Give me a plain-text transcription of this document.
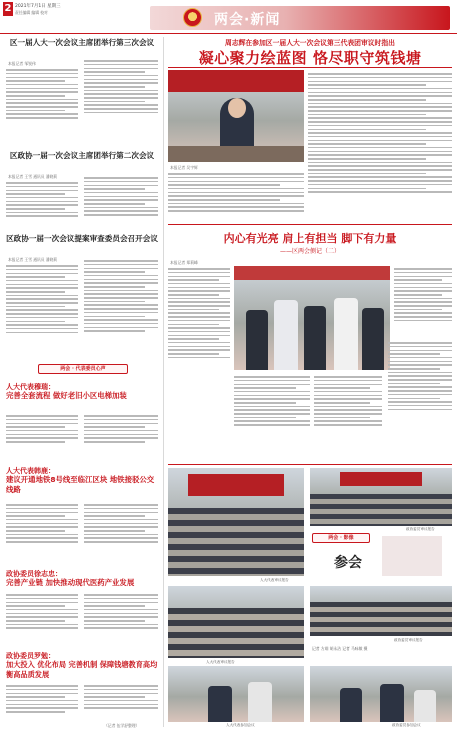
2 2021年7月1日 星期三
责任编辑 编辑 校对	两会·新闻
区一届人大一次会议主席团举行第三次会议
本报记者 邹锐伟
区政协一届一次会议主席团举行第二次会议
本报记者 王雪 通讯员 潘晓莉
区政协一届一次会议提案审查委员会召开会议
本报记者 王雪 通讯员 潘晓莉
两会 · 代表委员心声
人大代表穆瑞：
完善全套流程 做好老旧小区电梯加装
人大代表韩鹿：
建议开通地铁8号线至临江区块 地铁接驳公交线路
政协委员徐志忠：
完善产业链 加快推动现代医药产业发展
政协委员罗勉：
加大投入 优化布局 完善机制 保障钱塘教育高均衡高品质发展
（记者 伍学舒整理）
周志辉在参加区一届人大一次会议第三代表团审议时指出
凝心聚力绘蓝图 恪尽职守筑钱塘
本报记者 吴宇辉
内心有光亮 肩上有担当 脚下有力量
——区两会侧记（二）
本报记者 郑莉峰
人大代表审议报告
政协委员审议报告
两会 · 影像
参会
人大代表审议报告
政协委员审议报告
记者 方翊 胡永洁 记者 马咏敏 摄
人大代表参加会议	政协委员参加会议
